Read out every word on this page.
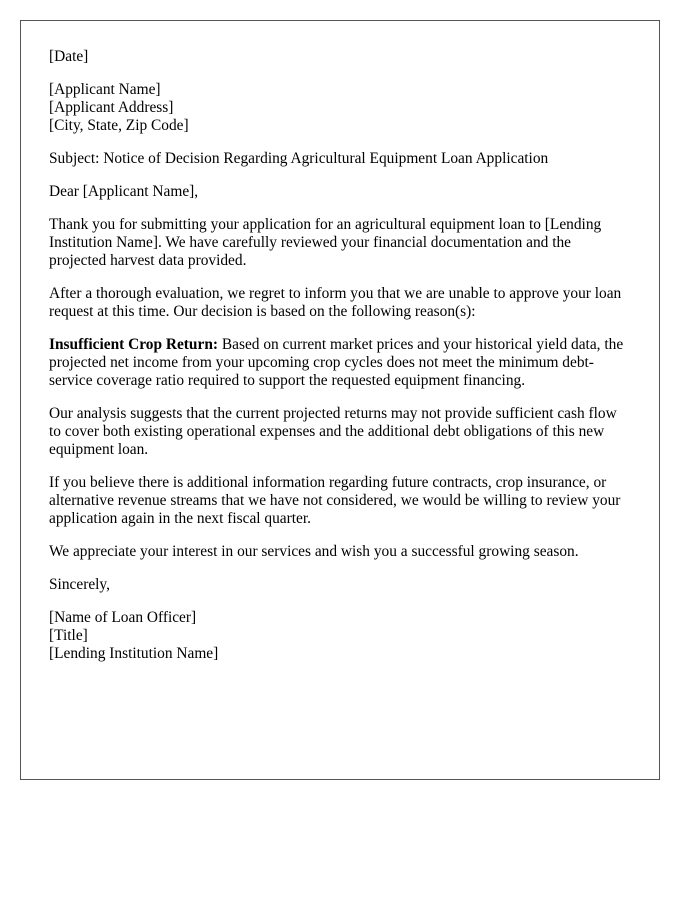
[Date]

[Applicant Name]
[Applicant Address]
[City, State, Zip Code]

Subject: Notice of Decision Regarding Agricultural Equipment Loan Application

Dear [Applicant Name],

Thank you for submitting your application for an agricultural equipment loan to [Lending Institution Name]. We have carefully reviewed your financial documentation and the projected harvest data provided.

After a thorough evaluation, we regret to inform you that we are unable to approve your loan request at this time. Our decision is based on the following reason(s):

Insufficient Crop Return: Based on current market prices and your historical yield data, the projected net income from your upcoming crop cycles does not meet the minimum debt-service coverage ratio required to support the requested equipment financing.

Our analysis suggests that the current projected returns may not provide sufficient cash flow to cover both existing operational expenses and the additional debt obligations of this new equipment loan.

If you believe there is additional information regarding future contracts, crop insurance, or alternative revenue streams that we have not considered, we would be willing to review your application again in the next fiscal quarter.

We appreciate your interest in our services and wish you a successful growing season.

Sincerely,

[Name of Loan Officer]
[Title]
[Lending Institution Name]
